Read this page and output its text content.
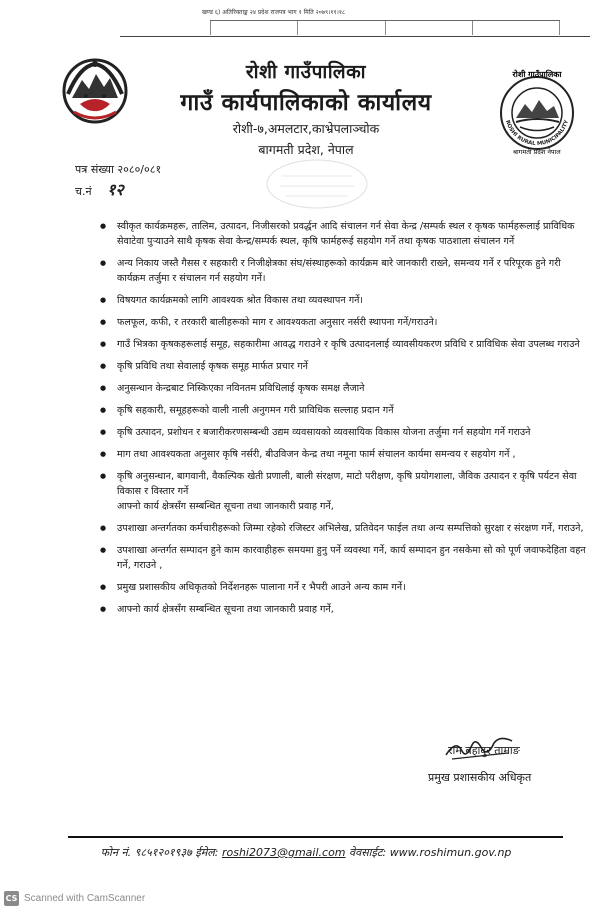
खण्ड ६) अतिरिक्ताङ्क २४ प्रदेश राजपत्र भाग १ मिति २०७९।११।१८
रोशी गाउँपालिका
गाउँ कार्यपालिकाको कार्यालय
रोशी-७,अमलटार,काभ्रेपलाञ्चोक
बागमती प्रदेश, नेपाल
रोशी गाउँपालिका
ROSHI RURAL MUNICIPALITY
बागमती प्रदेश नेपाल
पत्र संख्या २०८०/०८१
च.नं १२
● स्वीकृत कार्यक्रमहरू, तालिम, उत्पादन, निजीसरको प्रवर्द्धन आदि संचालन गर्न सेवा केन्द्र /सम्पर्क स्थल र कृषक फार्महरूलाई प्राविधिक सेवाटेवा पुऱ्याउने साथै कृषक सेवा केन्द्र/सम्पर्क स्थल, कृषि फार्महरूई सहयोग गर्ने तथा कृषक पाठशाला संचालन गर्ने
● अन्य निकाय जस्तै गैसस र सहकारी र निजीक्षेत्रका संघ/संस्थाहरूको कार्यक्रम बारे जानकारी राख्ने, समन्वय गर्ने र परिपूरक हुने गरी कार्यक्रम तर्जुमा र संचालन गर्न सहयोग गर्ने।
● विषयगत कार्यक्रमको लागि आवश्यक श्रोत विकास तथा व्यवस्थापन गर्ने।
● फलफूल, कफी, र तरकारी बालीहरूको माग र आवश्यकता अनुसार नर्सरी स्थापना गर्ने/गराउने।
● गाउँ भित्रका कृषकहरूलाई समूह, सहकारीमा आवद्ध गराउने र कृषि उत्पादनलाई व्यावसीयकरण प्रविधि र प्राविधिक सेवा उपलब्ध गराउने
● कृषि प्रविधि तथा सेवालाई कृषक समूह मार्फत प्रचार गर्ने
● अनुसन्धान केन्द्रबाट निस्किएका नविनतम प्रविधिलाई कृषक समक्ष लैजाने
● कृषि सहकारी, समूहहरूको वाली नाली अनुगमन गरी प्राविधिक सल्लाह प्रदान गर्ने
● कृषि उत्पादन, प्रशोधन र बजारीकरणसम्बन्धी उद्यम व्यवसायको व्यवसायिक विकास योजना तर्जुमा गर्न सहयोग गर्ने गराउने
● माग तथा आवश्यकता अनुसार कृषि नर्सरी, बीउविजन केन्द्र तथा नमूना फार्म संचालन कार्यमा समन्वय र सहयोग गर्ने ,
● कृषि अनुसन्धान, बागवानी, वैकल्पिक खेती प्रणाली, बाली संरक्षण, माटो परीक्षण, कृषि प्रयोगशाला, जैविक उत्पादन र कृषि पर्यटन सेवा विकास र विस्तार गर्ने
आफ्नो कार्य क्षेत्रसँग सम्बन्धित सूचना तथा जानकारी प्रवाह गर्ने,
● उपशाखा अन्तर्गतका कर्मचारीहरूको जिम्मा रहेको रजिस्टर अभिलेख, प्रतिवेदन फाईल तथा अन्य सम्पत्तिको सुरक्षा र संरक्षण गर्ने, गराउने,
● उपशाखा अन्तर्गत सम्पादन हुने काम कारवाहीहरू समयमा हुनु पर्ने व्यवस्था गर्ने, कार्य सम्पादन हुन नसकेमा सो को पूर्ण जवाफदेहिता वहन गर्ने, गराउने ,
● प्रमुख प्रशासकीय अधिकृतको निर्देशनहरू पालाना गर्ने र भैपरी आउने अन्य काम गर्ने।
● आफ्नो कार्य क्षेत्रसँग सम्बन्धित सूचना तथा जानकारी प्रवाह गर्ने,
राम बहादुर तामाङ
प्रमुख प्रशासकीय अधिकृत
फोन नं. ९८५१२०१९३७ ईमेल: roshi2073@gmail.com वेवसाईट: www.roshimun.gov.np
CS Scanned with CamScanner
